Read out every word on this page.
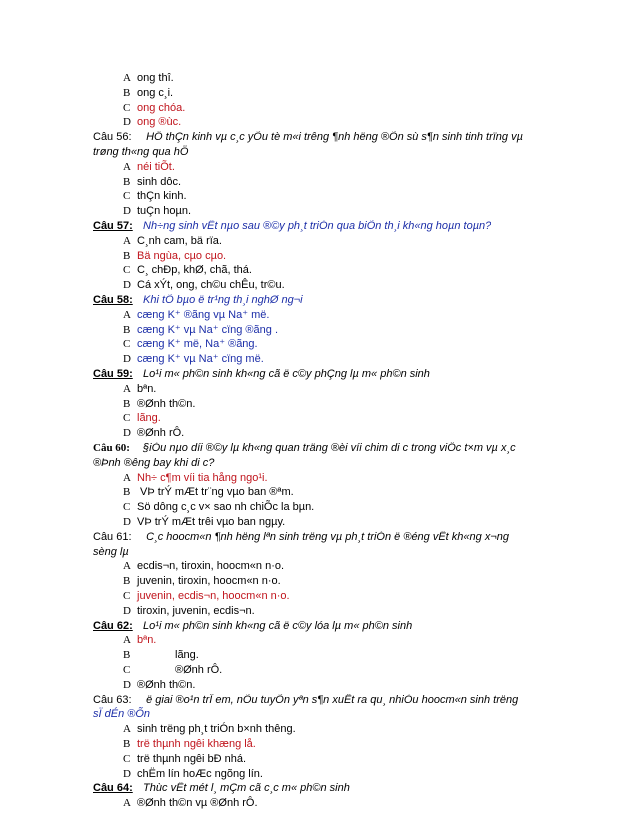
A ong thî.
B ong c¸i.
C ong chóa.
D ong ®ùc.
Câu 56: HÖ thÇn kinh vµ c¸c yÕu tè m«i trêng ¶nh hëng ®Õn sù s¶n sinh tinh trïng vµ
trøng th«ng qua hÖ
A néi tiÕt.
B sinh dôc.
C thÇn kinh.
D tuÇn hoµn.
Câu 57: Nh÷ng sinh vËt nµo sau ®©y ph¸t triÓn qua biÕn th¸i kh«ng hoµn toµn?
A C¸nh cam, bä rïa.
B Bä ngùa, cµo cµo.
C C¸ chÐp, khØ, chã, thá.
D Cá xÝt, ong, ch©u chÊu, tr©u.
Câu 58: Khi tÕ bµo ë tr¹ng th¸i nghØ ng¬i
A cæng K⁺ ®ãng vµ Na⁺ më.
B cæng K⁺ vµ Na⁺ cïng ®ãng .
C cæng K⁺ më, Na⁺ ®ãng.
D cæng K⁺ vµ Na⁺ cïng më.
Câu 59: Lo¹i m« ph©n sinh kh«ng cã ë c©y phÇng lµ m« ph©n sinh
A bªn.
B ®Ønh th©n.
C lãng.
D ®Ønh rÔ.
Câu 60: §iÒu nµo díi ®©y lµ kh«ng quan träng ®èi víi chim di c trong viÖc t×m vµ x¸c
®Þnh ®êng bay khi di c?
A Nh÷ c¶m víi tia hång ngo¹i.
B VÞ trÝ mÆt tr¨ng vµo ban ®ªm.
C Sö dông c¸c v× sao nh chiÕc la bµn.
D VÞ trÝ mÆt trêi vµo ban ngµy.
Câu 61: C¸c hoocm«n ¶nh hëng lªn sinh trëng vµ ph¸t triÓn ë ®éng vËt kh«ng x¬ng
sèng lµ
A ecdis¬n, tiroxin, hoocm«n n·o.
B juvenin, tiroxin, hoocm«n n·o.
C juvenin, ecdis¬n, hoocm«n n·o.
D tiroxin, juvenin, ecdis¬n.
Câu 62: Lo¹i m« ph©n sinh kh«ng cã ë c©y lóa lµ m« ph©n sinh
A bªn.
B	lãng.
C	®Ønh rÔ.
D ®Ønh th©n.
Câu 63: ë giai ®o¹n trÎ em, nÕu tuyÕn yªn s¶n xuÊt ra qu¸ nhiÒu hoocm«n sinh trëng
sÏ dÉn ®Õn
A sinh trëng ph¸t triÓn b×nh thêng.
B trë thµnh ngêi khæng lå.
C trë thµnh ngêi bÐ nhá.
D chËm lín hoÆc ngõng lín.
Câu 64: Thùc vËt mét l¸ mÇm cã c¸c m« ph©n sinh
A ®Ønh th©n vµ ®Ønh rÔ.
